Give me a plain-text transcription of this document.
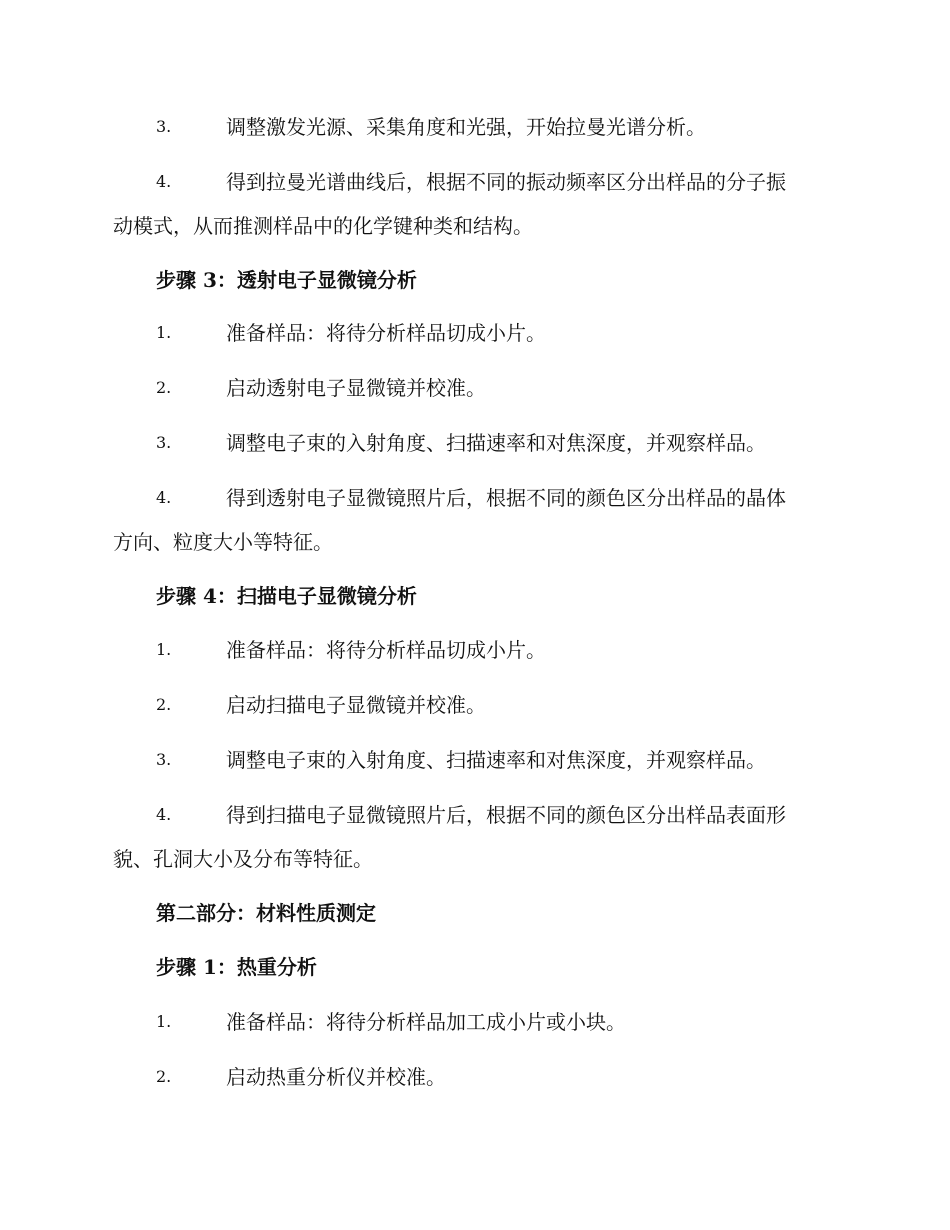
3.	调整激发光源、采集角度和光强，开始拉曼光谱分析。
4.	得到拉曼光谱曲线后，根据不同的振动频率区分出样品的分子振
动模式，从而推测样品中的化学键种类和结构。
步骤 3：透射电子显微镜分析
1.	准备样品：将待分析样品切成小片。
2.	启动透射电子显微镜并校准。
3.	调整电子束的入射角度、扫描速率和对焦深度，并观察样品。
4.	得到透射电子显微镜照片后，根据不同的颜色区分出样品的晶体
方向、粒度大小等特征。
步骤 4：扫描电子显微镜分析
1.	准备样品：将待分析样品切成小片。
2.	启动扫描电子显微镜并校准。
3.	调整电子束的入射角度、扫描速率和对焦深度，并观察样品。
4.	得到扫描电子显微镜照片后，根据不同的颜色区分出样品表面形
貌、孔洞大小及分布等特征。
第二部分：材料性质测定
步骤 1：热重分析
1.	准备样品：将待分析样品加工成小片或小块。
2.	启动热重分析仪并校准。
